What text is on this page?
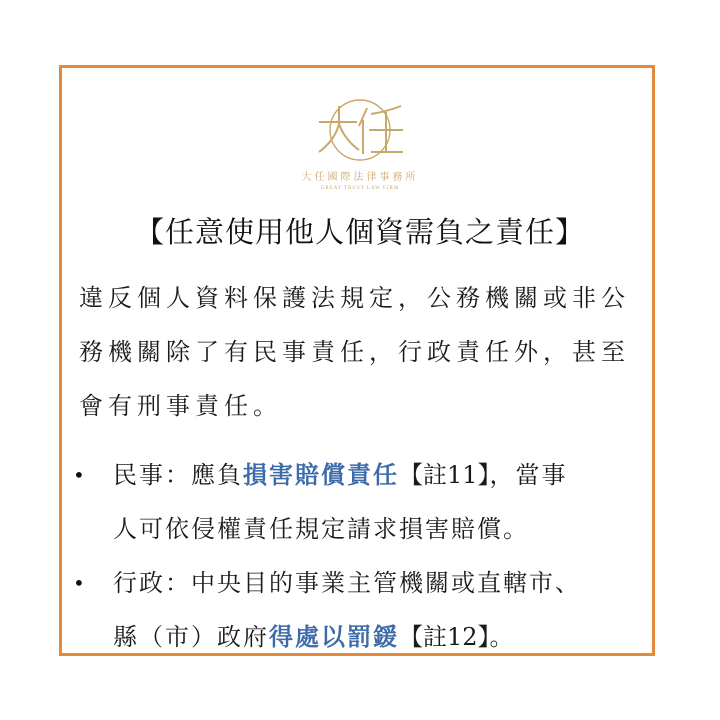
大任國際法律事務所
GREAT TRUST LAW FIRM
【任意使用他人個資需負之責任】
違反個人資料保護法規定，公務機關或非公
務機關除了有民事責任，行政責任外，甚至
會有刑事責任。
• 民事：應負損害賠償責任【註11】，當事
人可依侵權責任規定請求損害賠償。
• 行政：中央目的事業主管機關或直轄市、
縣（市）政府得處以罰鍰【註12】。
